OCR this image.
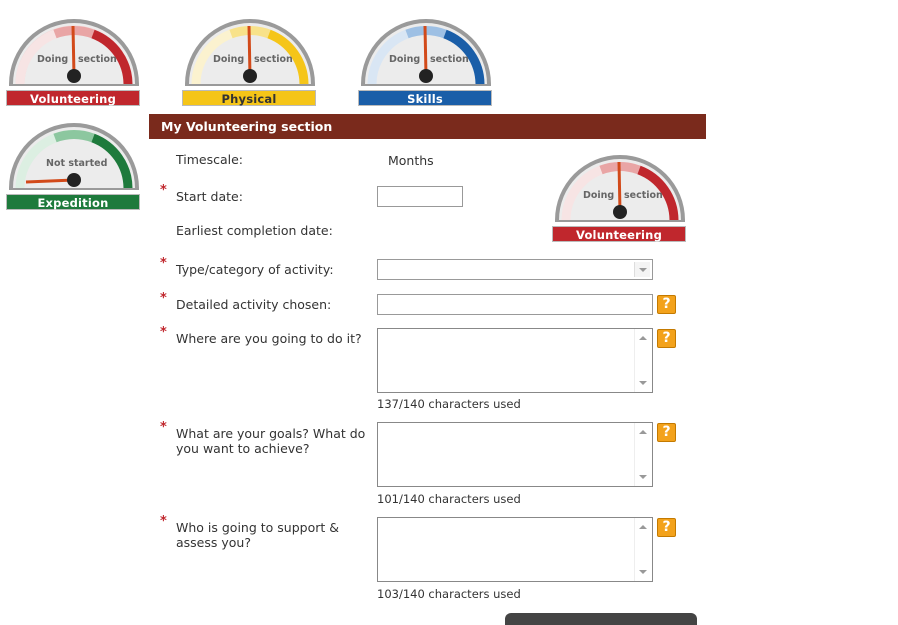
Doing section
Volunteering
Doing section
Physical
Doing section
Skills
Not started
Expedition
My Volunteering section
Doing section
Volunteering
Timescale:	Months
* Start date:
Earliest completion date:
* Type/category of activity:
* Detailed activity chosen:	?
* Where are you going to do it?	?
137/140 characters used
* What are your goals? What do you want to achieve?
?
101/140 characters used
* Who is going to support & assess you?
?
103/140 characters used
